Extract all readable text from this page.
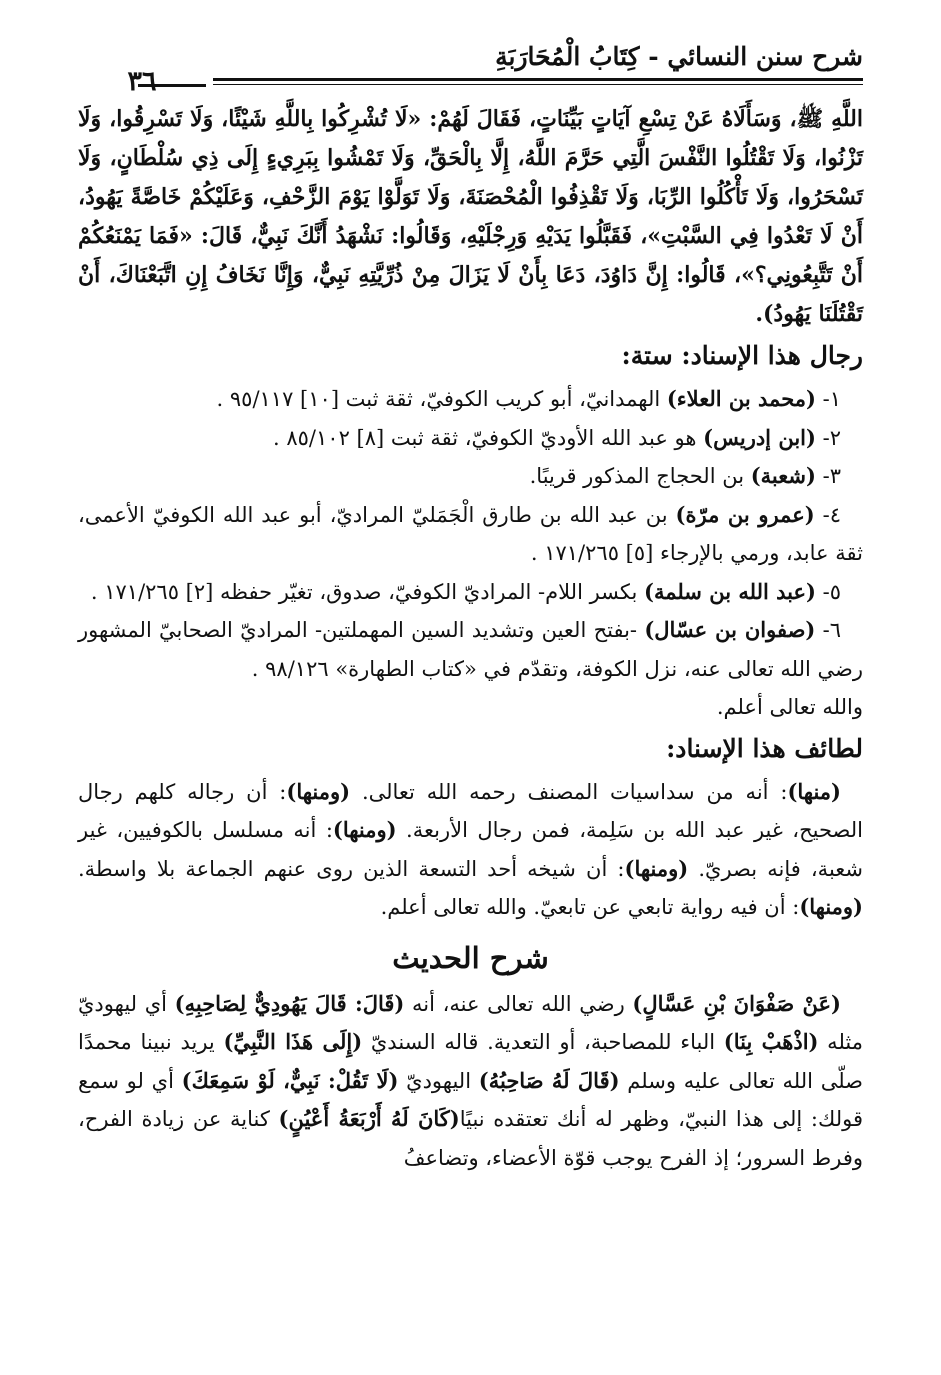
شرح سنن النسائي - كِتَابُ الْمُحَارَبَةِ
٣٦

اللَّهِ ﷺ، وَسَأَلَاهُ عَنْ تِسْعِ آيَاتٍ بَيِّنَاتٍ، فَقَالَ لَهُمْ: «لَا تُشْرِكُوا بِاللَّهِ شَيْئًا، وَلَا تَسْرِقُوا، وَلَا تَزْنُوا، وَلَا تَقْتُلُوا النَّفْسَ الَّتِي حَرَّمَ اللَّهُ، إِلَّا بِالْحَقِّ، وَلَا تَمْشُوا بِبَرِيءٍ إِلَى ذِي سُلْطَانٍ، وَلَا تَسْحَرُوا، وَلَا تَأْكُلُوا الرِّبَا، وَلَا تَقْذِفُوا الْمُحْصَنَةَ، وَلَا تَوَلَّوْا يَوْمَ الزَّحْفِ، وَعَلَيْكُمْ خَاصَّةً يَهُودُ، أَنْ لَا تَعْدُوا فِي السَّبْتِ»، فَقَبَّلُوا يَدَيْهِ وَرِجْلَيْهِ، وَقَالُوا: نَشْهَدُ أَنَّكَ نَبِيٌّ، قَالَ: «فَمَا يَمْنَعُكُمْ أَنْ تَتَّبِعُونِي؟»، قَالُوا: إِنَّ دَاوُدَ، دَعَا بِأَنْ لَا يَزَالَ مِنْ ذُرِّيَّتِهِ نَبِيٌّ، وَإِنَّا نَخَافُ إِنِ اتَّبَعْنَاكَ، أَنْ تَقْتُلَنَا يَهُودُ).

رجال هذا الإسناد: ستة:

١- (محمد بن العلاء) الهمدانيّ، أبو كريب الكوفيّ، ثقة ثبت [١٠] ٩٥/١١٧ .

٢- (ابن إدريس) هو عبد الله الأوديّ الكوفيّ، ثقة ثبت [٨] ٨٥/١٠٢ .

٣- (شعبة) بن الحجاج المذكور قريبًا.

٤- (عمرو بن مرّة) بن عبد الله بن طارق الْجَمَليّ المراديّ، أبو عبد الله الكوفيّ الأعمى، ثقة عابد، ورمي بالإرجاء [٥] ١٧١/٢٦٥ .

٥- (عبد الله بن سلمة) بكسر اللام- المراديّ الكوفيّ، صدوق، تغيّر حفظه [٢] ١٧١/٢٦٥ .

٦- (صفوان بن عسّال) -بفتح العين وتشديد السين المهملتين- المراديّ الصحابيّ المشهور رضي الله تعالى عنه، نزل الكوفة، وتقدّم في «كتاب الطهارة» ٩٨/١٢٦ .

والله تعالى أعلم.

لطائف هذا الإسناد:

(منها): أنه من سداسيات المصنف رحمه الله تعالى. (ومنها): أن رجاله كلهم رجال الصحيح، غير عبد الله بن سَلِمة، فمن رجال الأربعة. (ومنها): أنه مسلسل بالكوفيين، غير شعبة، فإنه بصريّ. (ومنها): أن شيخه أحد التسعة الذين روى عنهم الجماعة بلا واسطة. (ومنها): أن فيه رواية تابعي عن تابعيّ. والله تعالى أعلم.

شرح الحديث

(عَنْ صَفْوَانَ بْنِ عَسَّالٍ) رضي الله تعالى عنه، أنه (قَالَ: قَالَ يَهُودِيٌّ لِصَاحِبِهِ) أي ليهوديّ مثله (اذْهَبْ بِنَا) الباء للمصاحبة، أو التعدية. قاله السنديّ (إِلَى هَذَا النَّبِيِّ) يريد نبينا محمدًا صلّى الله تعالى عليه وسلم (قَالَ لَهُ صَاحِبُهُ) اليهوديّ (لَا تَقُلْ: نَبِيٌّ، لَوْ سَمِعَكَ) أي لو سمع قولك: إلى هذا النبيّ، وظهر له أنك تعتقده نبيًا(كَانَ لَهُ أَرْبَعَةُ أَعْيُنٍ) كناية عن زيادة الفرح، وفرط السرور؛ إذ الفرح يوجب قوّة الأعضاء، وتضاعفُ
